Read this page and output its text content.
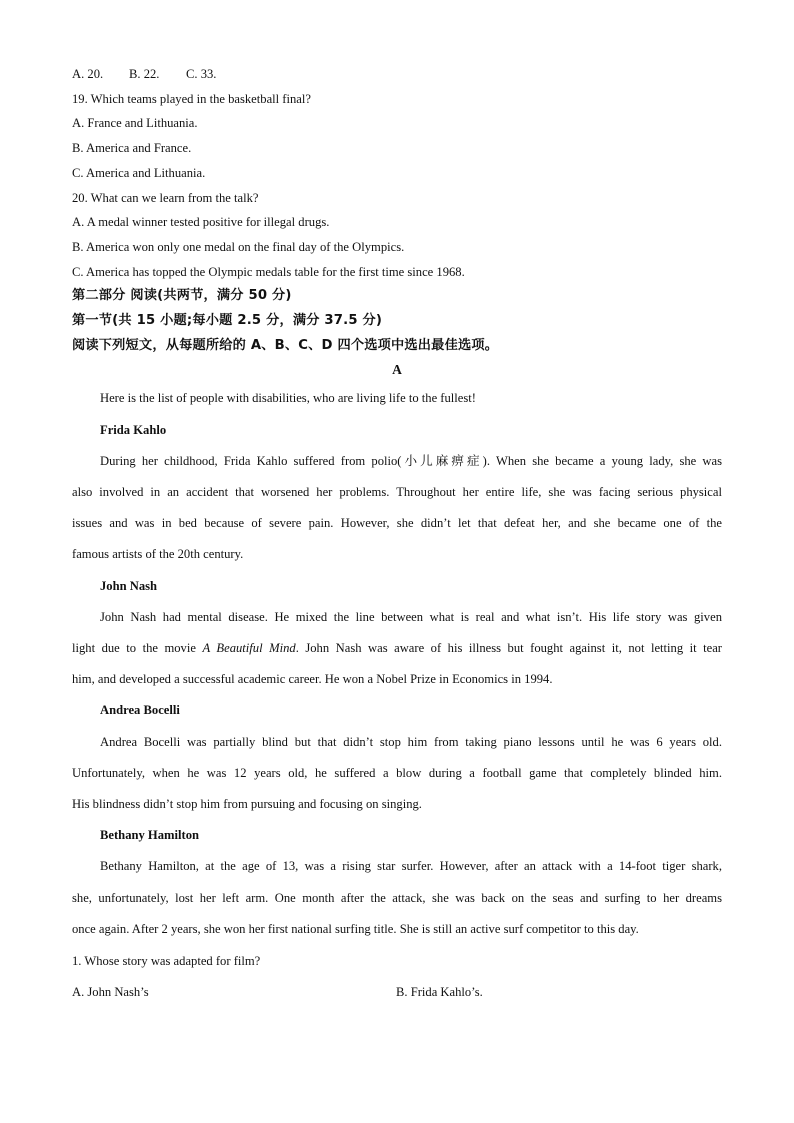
A. 20. B. 22. C. 33.
19. Which teams played in the basketball final?
A. France and Lithuania.
B. America and France.
C. America and Lithuania.
20. What can we learn from the talk?
A. A medal winner tested positive for illegal drugs.
B. America won only one medal on the final day of the Olympics.
C. America has topped the Olympic medals table for the first time since 1968.
第二部分 阅读(共两节，满分 50 分)
第一节(共 15 小题;每小题 2.5 分，满分 37.5 分)
阅读下列短文，从每题所给的 A、B、C、D 四个选项中选出最佳选项。
A
Here is the list of people with disabilities, who are living life to the fullest!
Frida Kahlo
During her childhood, Frida Kahlo suffered from polio(小儿麻痹症). When she became a young lady, she was
also involved in an accident that worsened her problems. Throughout her entire life, she was facing serious physical
issues and was in bed because of severe pain. However, she didn’t let that defeat her, and she became one of the
famous artists of the 20th century.
John Nash
John Nash had mental disease. He mixed the line between what is real and what isn’t. His life story was given
light due to the movie A Beautiful Mind. John Nash was aware of his illness but fought against it, not letting it tear
him, and developed a successful academic career. He won a Nobel Prize in Economics in 1994.
Andrea Bocelli
Andrea Bocelli was partially blind but that didn’t stop him from taking piano lessons until he was 6 years old.
Unfortunately, when he was 12 years old, he suffered a blow during a football game that completely blinded him.
His blindness didn’t stop him from pursuing and focusing on singing.
Bethany Hamilton
Bethany Hamilton, at the age of 13, was a rising star surfer. However, after an attack with a 14-foot tiger shark,
she, unfortunately, lost her left arm. One month after the attack, she was back on the seas and surfing to her dreams
once again. After 2 years, she won her first national surfing title. She is still an active surf competitor to this day.
1. Whose story was adapted for film?
A. John Nash’s	B. Frida Kahlo’s.
